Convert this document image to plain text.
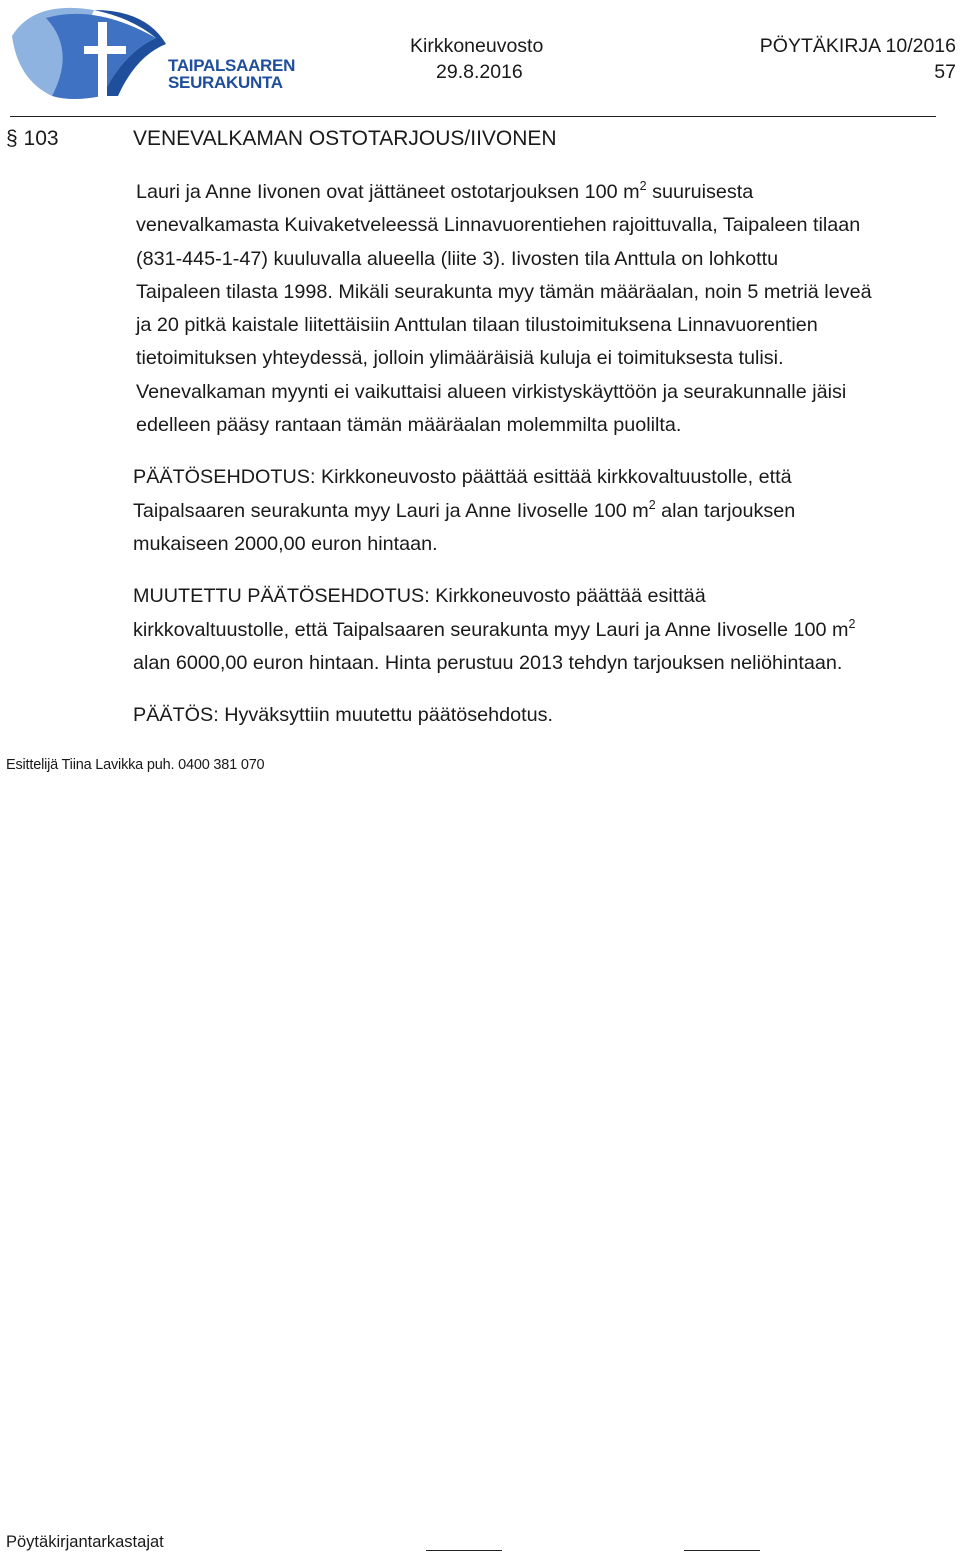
TAIPALSAAREN
SEURAKUNTA
Kirkkoneuvosto
29.8.2016
PÖYTÄKIRJA 10/2016
57
§ 103	VENEVALKAMAN OSTOTARJOUS/IIVONEN

Lauri ja Anne Iivonen ovat jättäneet ostotarjouksen 100 $m^2$ suuruisesta
venevalkamasta Kuivaketveleessä Linnavuorentiehen rajoittuvalla, Taipaleen tilaan
(831-445-1-47) kuuluvalla alueella (liite 3). Iivosten tila Anttula on lohkottu
Taipaleen tilasta 1998. Mikäli seurakunta myy tämän määräalan, noin 5 metriä leveä
ja 20 pitkä kaistale liitettäisiin Anttulan tilaan tilustoimituksena Linnavuorentien
tietoimituksen yhteydessä, jolloin ylimääräisiä kuluja ei toimituksesta tulisi.
Venevalkaman myynti ei vaikuttaisi alueen virkistyskäyttöön ja seurakunnalle jäisi
edelleen pääsy rantaan tämän määräalan molemmilta puolilta.

PÄÄTÖSEHDOTUS: Kirkkoneuvosto päättää esittää kirkkovaltuustolle, että
Taipalsaaren seurakunta myy Lauri ja Anne Iivoselle 100 $m^2$ alan tarjouksen
mukaiseen 2000,00 euron hintaan.

MUUTETTU PÄÄTÖSEHDOTUS: Kirkkoneuvosto päättää esittää
kirkkovaltuustolle, että Taipalsaaren seurakunta myy Lauri ja Anne Iivoselle 100 $m^2$
alan 6000,00 euron hintaan. Hinta perustuu 2013 tehdyn tarjouksen neliöhintaan.

PÄÄTÖS: Hyväksyttiin muutettu päätösehdotus.

Esittelijä Tiina Lavikka puh. 0400 381 070
Pöytäkirjantarkastajat
